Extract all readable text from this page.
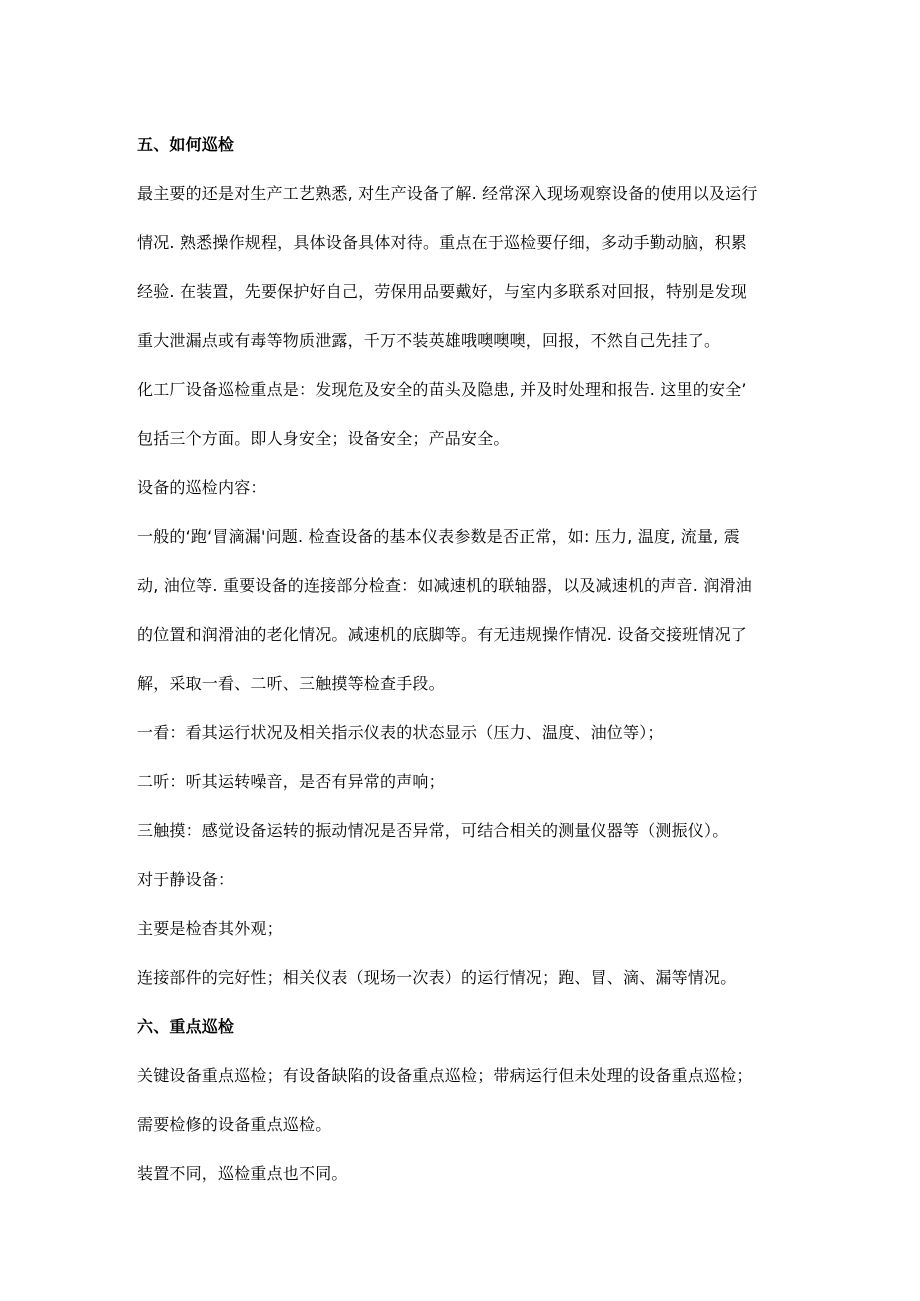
五、如何巡检
最主要的还是对生产工艺熟悉, 对生产设备了解. 经常深入现场观察设备的使用以及运行
情况. 熟悉操作规程，具体设备具体对待。重点在于巡检要仔细，多动手勤动脑，积累
经验. 在装置，先要保护好自己，劳保用品要戴好，与室内多联系对回报，特别是发现
重大泄漏点或有毒等物质泄露，千万不装英雄哦噢噢噢，回报，不然自己先挂了。
化工厂设备巡检重点是：发现危及安全的苗头及隐患, 并及时处理和报告. 这里的安全’
包括三个方面。即人身安全；设备安全；产品安全。
设备的巡检内容：
一般的‘跑‘冒滴漏'问题. 检查设备的基本仪表参数是否正常，如: 压力, 温度, 流量, 震
动, 油位等. 重要设备的连接部分检查：如减速机的联轴器，以及减速机的声音. 润滑油
的位置和润滑油的老化情况。减速机的底脚等。有无违规操作情况. 设备交接班情况了
解，采取一看、二听、三触摸等检查手段。
一看：看其运行状况及相关指示仪表的状态显示（压力、温度、油位等）；
二听：听其运转噪音，是否有异常的声响；
三触摸：感觉设备运转的振动情况是否异常，可结合相关的测量仪器等（测振仪）。
对于静设备：
主要是检杳其外观；
连接部件的完好性；相关仪表（现场一次表）的运行情况；跑、冒、滴、漏等情况。
六、重点巡检
关键设备重点巡检；有设备缺陷的设备重点巡检；带病运行但未处理的设备重点巡检；
需要检修的设备重点巡检。
装置不同，巡检重点也不同。
